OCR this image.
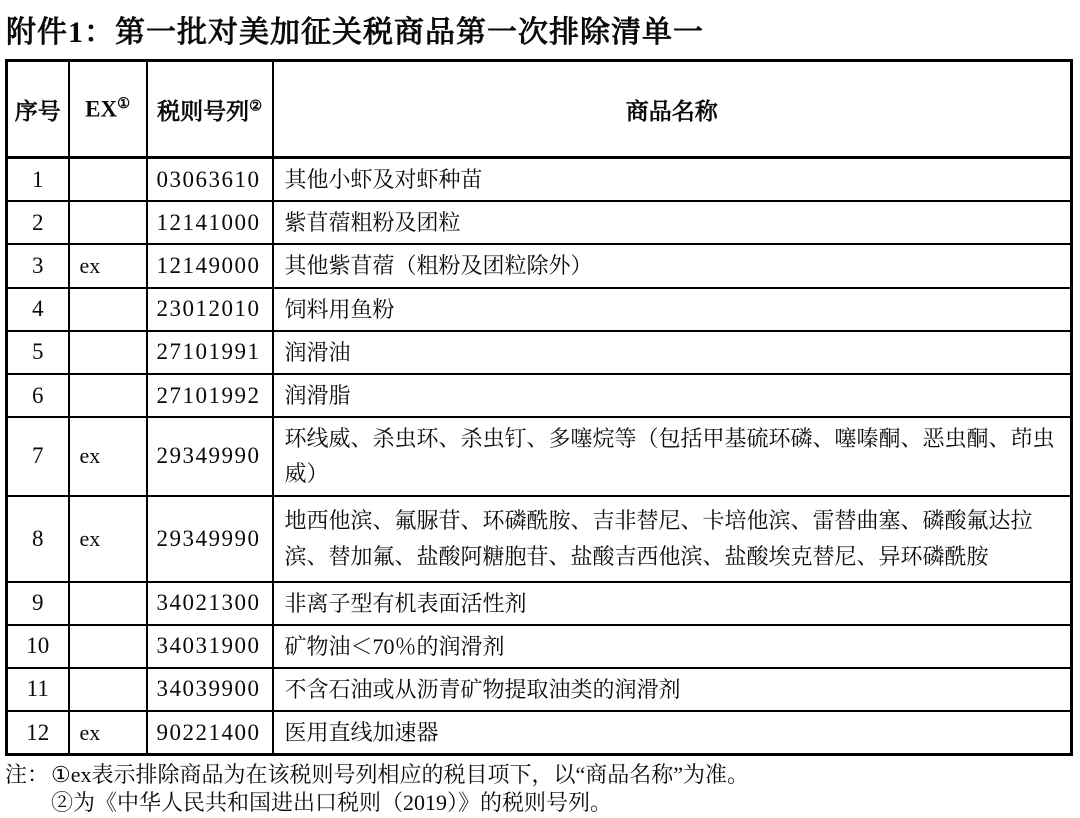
附件1：第一批对美加征关税商品第一次排除清单一
序号	EX①	税则号列②	商品名称
1		03063610	其他小虾及对虾种苗
2		12141000	紫苜蓿粗粉及团粒
3	ex	12149000	其他紫苜蓿（粗粉及团粒除外）
4		23012010	饲料用鱼粉
5		27101991	润滑油
6		27101992	润滑脂
7	ex	29349990	环线威、杀虫环、杀虫钉、多噻烷等（包括甲基硫环磷、噻嗪酮、恶虫酮、茚虫威）
8	ex	29349990	地西他滨、氟脲苷、环磷酰胺、吉非替尼、卡培他滨、雷替曲塞、磷酸氟达拉滨、替加氟、盐酸阿糖胞苷、盐酸吉西他滨、盐酸埃克替尼、异环磷酰胺
9		34021300	非离子型有机表面活性剂
10		34031900	矿物油＜70％的润滑剂
11		34039900	不含石油或从沥青矿物提取油类的润滑剂
12	ex	90221400	医用直线加速器
注： ①ex表示排除商品为在该税则号列相应的税目项下，以“商品名称”为准。
②为《中华人民共和国进出口税则（2019）》的税则号列。
